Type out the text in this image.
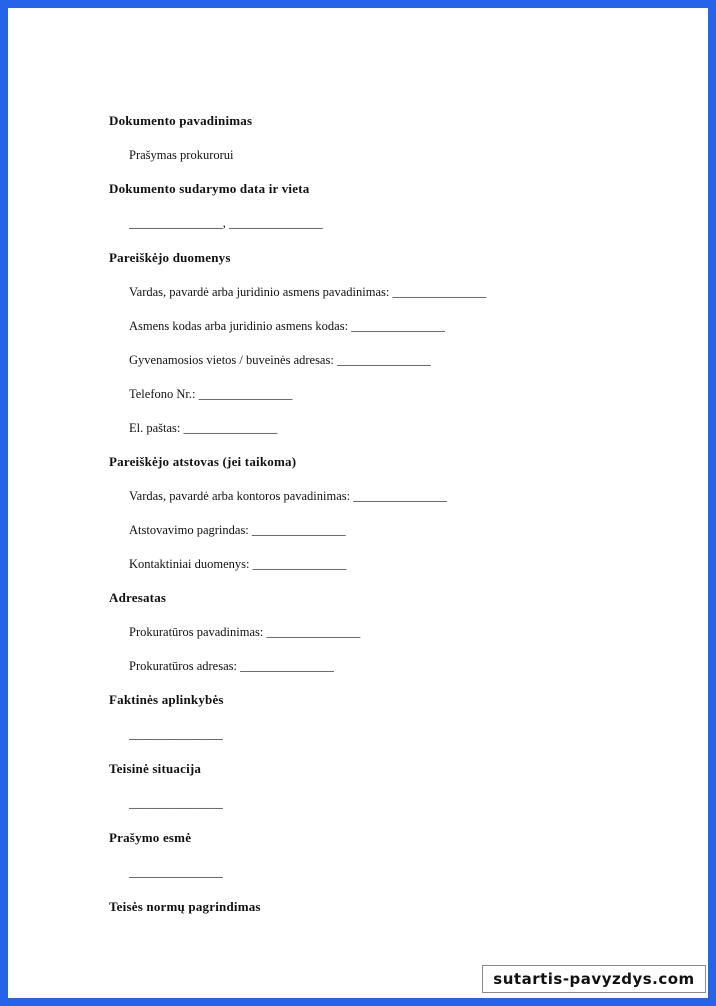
Dokumento pavadinimas
Prašymas prokurorui
Dokumento sudarymo data ir vieta
_______________, _______________
Pareiškėjo duomenys
Vardas, pavardė arba juridinio asmens pavadinimas: _______________
Asmens kodas arba juridinio asmens kodas: _______________
Gyvenamosios vietos / buveinės adresas: _______________
Telefono Nr.: _______________
El. paštas: _______________
Pareiškėjo atstovas (jei taikoma)
Vardas, pavardė arba kontoros pavadinimas: _______________
Atstovavimo pagrindas: _______________
Kontaktiniai duomenys: _______________
Adresatas
Prokuratūros pavadinimas: _______________
Prokuratūros adresas: _______________
Faktinės aplinkybės
_______________
Teisinė situacija
_______________
Prašymo esmė
_______________
Teisės normų pagrindimas
sutartis-pavyzdys.com
